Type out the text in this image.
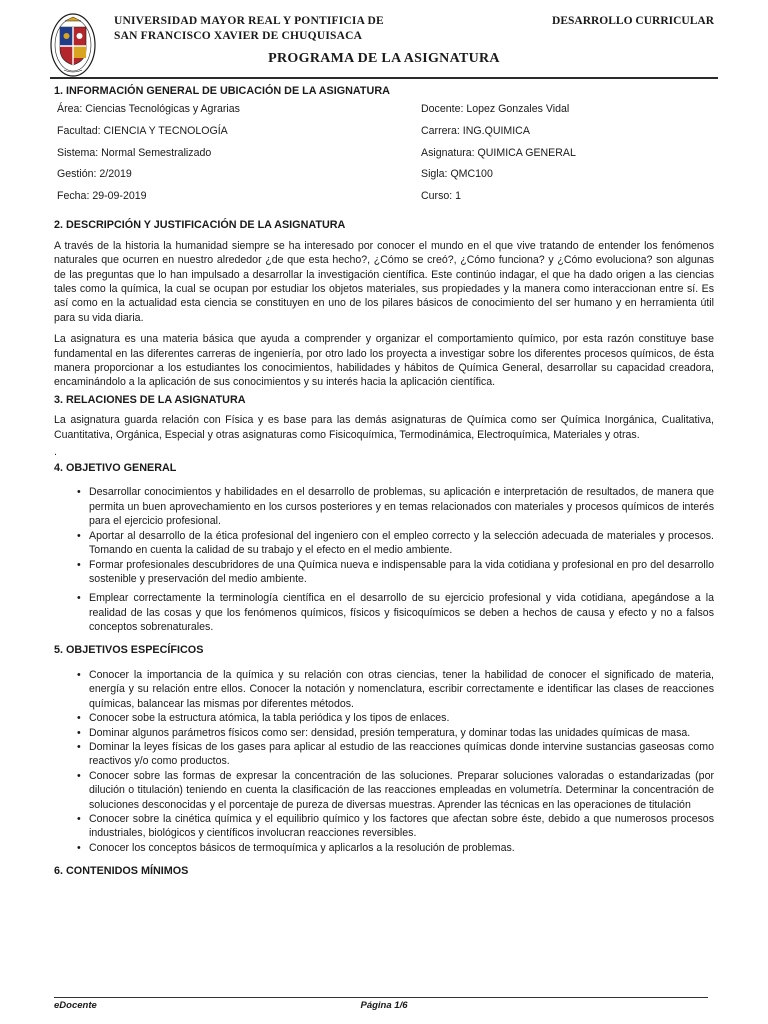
UNIVERSIDAD MAYOR REAL Y PONTIFICIA DE
SAN FRANCISCO XAVIER DE CHUQUISACA
DESARROLLO CURRICULAR
PROGRAMA DE LA ASIGNATURA
1. INFORMACIÓN GENERAL DE UBICACIÓN DE LA ASIGNATURA
Área: Ciencias Tecnológicas y Agrarias	Docente: Lopez Gonzales Vidal
Facultad: CIENCIA Y TECNOLOGÍA	Carrera: ING.QUIMICA
Sistema: Normal Semestralizado	Asignatura: QUIMICA GENERAL
Gestión: 2/2019	Sigla: QMC100
Fecha: 29-09-2019	Curso: 1
2. DESCRIPCIÓN Y JUSTIFICACIÓN DE LA ASIGNATURA

A través de la historia la humanidad siempre se ha interesado por conocer el mundo en el que vive tratando de entender los fenómenos naturales que ocurren en nuestro alrededor ¿de que esta hecho?, ¿Cómo se creó?, ¿Cómo funciona? y ¿Cómo evoluciona? son algunas de las preguntas que lo han impulsado a desarrollar la investigación científica. Este continúo indagar, el que ha dado origen a las ciencias tales como la química, la cual se ocupan por estudiar los objetos materiales, sus propiedades y la manera como interaccionan entre sí. Es así como en la actualidad esta ciencia se constituyen en uno de los pilares básicos de conocimiento del ser humano y en herramienta útil para su vida diaria.

La asignatura es una materia básica que ayuda a comprender y organizar el comportamiento químico, por esta razón constituye base fundamental en las diferentes carreras de ingeniería, por otro lado los proyecta a investigar sobre los diferentes procesos químicos, de ésta manera proporcionar a los estudiantes los conocimientos, habilidades y hábitos de Química General, desarrollar su capacidad creadora, encaminándolo a la aplicación de sus conocimientos y su interés hacia la aplicación científica.

3. RELACIONES DE LA ASIGNATURA

La asignatura guarda relación con Física y es base para las demás asignaturas de Química como ser Química Inorgánica, Cualitativa, Cuantitativa, Orgánica, Especial y otras asignaturas como Fisicoquímica, Termodinámica, Electroquímica, Materiales y otras.

.
4. OBJETIVO GENERAL
• Desarrollar conocimientos y habilidades en el desarrollo de problemas, su aplicación e interpretación de resultados, de manera que permita un buen aprovechamiento en los cursos posteriores y en temas relacionados con materiales y procesos químicos de interés para el ejercicio profesional.
• Aportar al desarrollo de la ética profesional del ingeniero con el empleo correcto y la selección adecuada de materiales y procesos. Tomando en cuenta la calidad de su trabajo y el efecto en el medio ambiente.
• Formar profesionales descubridores de una Química nueva e indispensable para la vida cotidiana y profesional en pro del desarrollo sostenible y preservación del medio ambiente.
• Emplear correctamente la terminología científica en el desarrollo de su ejercicio profesional y vida cotidiana, apegándose a la realidad de las cosas y que los fenómenos químicos, físicos y fisicoquímicos se deben a hechos de causa y efecto y no a falsos conceptos sobrenaturales.
5. OBJETIVOS ESPECÍFICOS
• Conocer la importancia de la química y su relación con otras ciencias, tener la habilidad de conocer el significado de materia, energía y su relación entre ellos. Conocer la notación y nomenclatura, escribir correctamente e identificar las clases de reacciones químicas, balancear las mismas por diferentes métodos.
• Conocer sobe la estructura atómica, la tabla periódica y los tipos de enlaces.
• Dominar algunos parámetros físicos como ser: densidad, presión temperatura, y dominar todas las unidades químicas de masa.
• Dominar la leyes físicas de los gases para aplicar al estudio de las reacciones químicas donde intervine sustancias gaseosas como reactivos y/o como productos.
• Conocer sobre las formas de expresar la concentración de las soluciones. Preparar soluciones valoradas o estandarizadas (por dilución o titulación) teniendo en cuenta la clasificación de las reacciones empleadas en volumetría. Determinar la concentración de soluciones desconocidas y el porcentaje de pureza de diversas muestras. Aprender las técnicas en las operaciones de titulación
• Conocer sobre la cinética química y el equilibrio químico y los factores que afectan sobre éste, debido a que numerosos procesos industriales, biológicos y científicos involucran reacciones reversibles.
• Conocer los conceptos básicos de termoquímica y aplicarlos a la resolución de problemas.
6. CONTENIDOS MÍNIMOS
eDocente	Página 1/6
